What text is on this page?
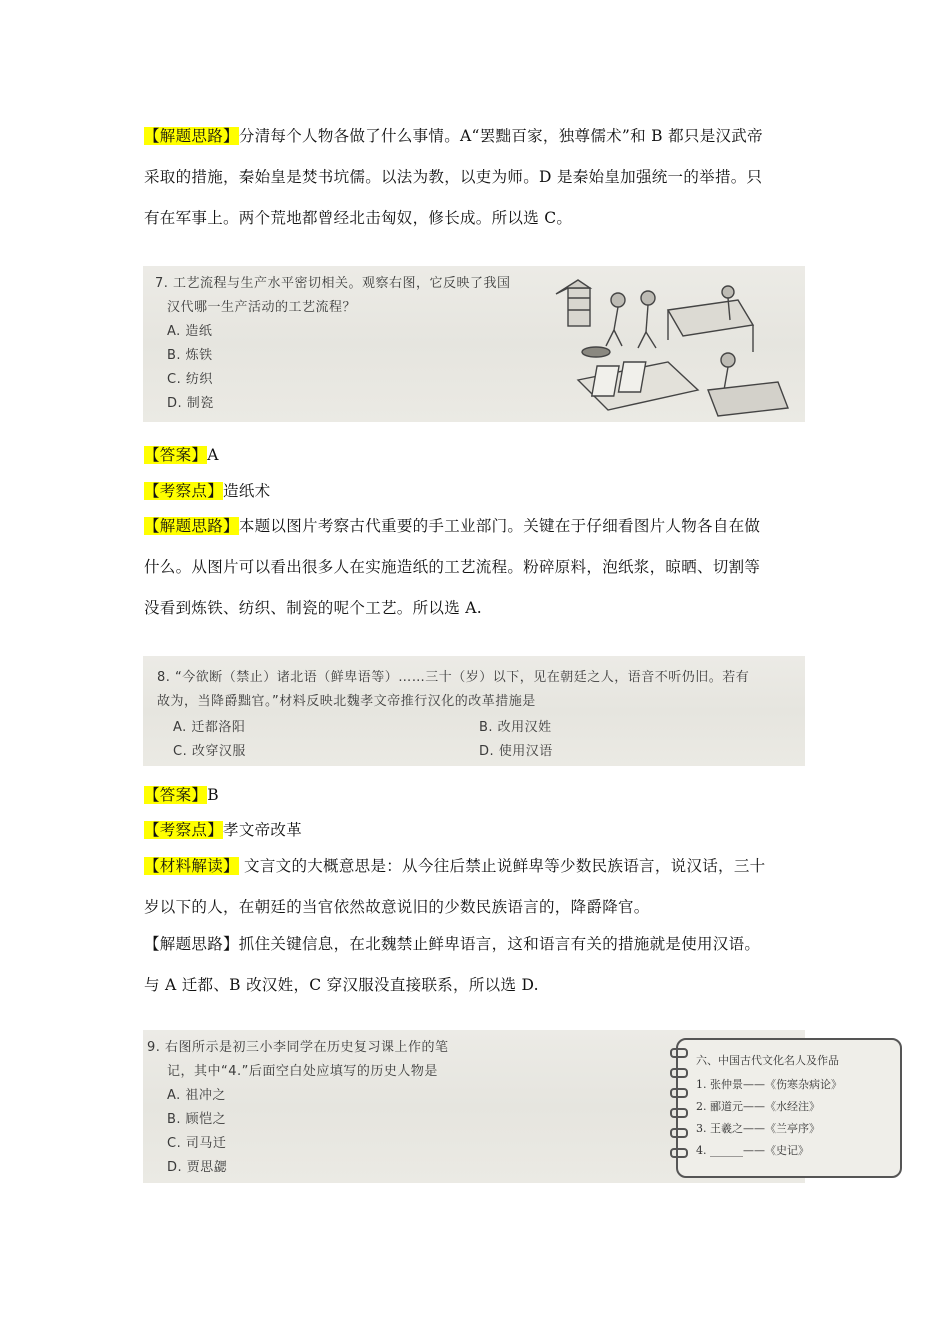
【解题思路】分清每个人物各做了什么事情。A“罢黜百家，独尊儒术”和 B 都只是汉武帝
采取的措施，秦始皇是焚书坑儒。以法为教，以吏为师。D 是秦始皇加强统一的举措。只
有在军事上。两个荒地都曾经北击匈奴，修长成。所以选 C。
7. 工艺流程与生产水平密切相关。观察右图，它反映了我国
汉代哪一生产活动的工艺流程？
A. 造纸
B. 炼铁
C. 纺织
D. 制瓷
【答案】A
【考察点】造纸术
【解题思路】本题以图片考察古代重要的手工业部门。关键在于仔细看图片人物各自在做
什么。从图片可以看出很多人在实施造纸的工艺流程。粉碎原料，泡纸浆，晾晒、切割等
没看到炼铁、纺织、制瓷的呢个工艺。所以选 A.
8. “今欲断（禁止）诸北语（鲜卑语等）……三十（岁）以下，见在朝廷之人，语音不听仍旧。若有
故为，当降爵黜官。”材料反映北魏孝文帝推行汉化的改革措施是
A. 迁都洛阳	B. 改用汉姓
C. 改穿汉服	D. 使用汉语
【答案】B
【考察点】孝文帝改革
【材料解读】 文言文的大概意思是：从今往后禁止说鲜卑等少数民族语言，说汉话，三十
岁以下的人，在朝廷的当官依然故意说旧的少数民族语言的，降爵降官。
【解题思路】抓住关键信息，在北魏禁止鲜卑语言，这和语言有关的措施就是使用汉语。
与 A 迁都、B 改汉姓，C 穿汉服没直接联系，所以选 D.
9. 右图所示是初三小李同学在历史复习课上作的笔
记，其中“4.”后面空白处应填写的历史人物是
A. 祖冲之
B. 顾恺之
C. 司马迁
D. 贾思勰
六、中国古代文化名人及作品
1. 张仲景——《伤寒杂病论》
2. 郦道元——《水经注》
3. 王羲之——《兰亭序》
4. ______——《史记》
